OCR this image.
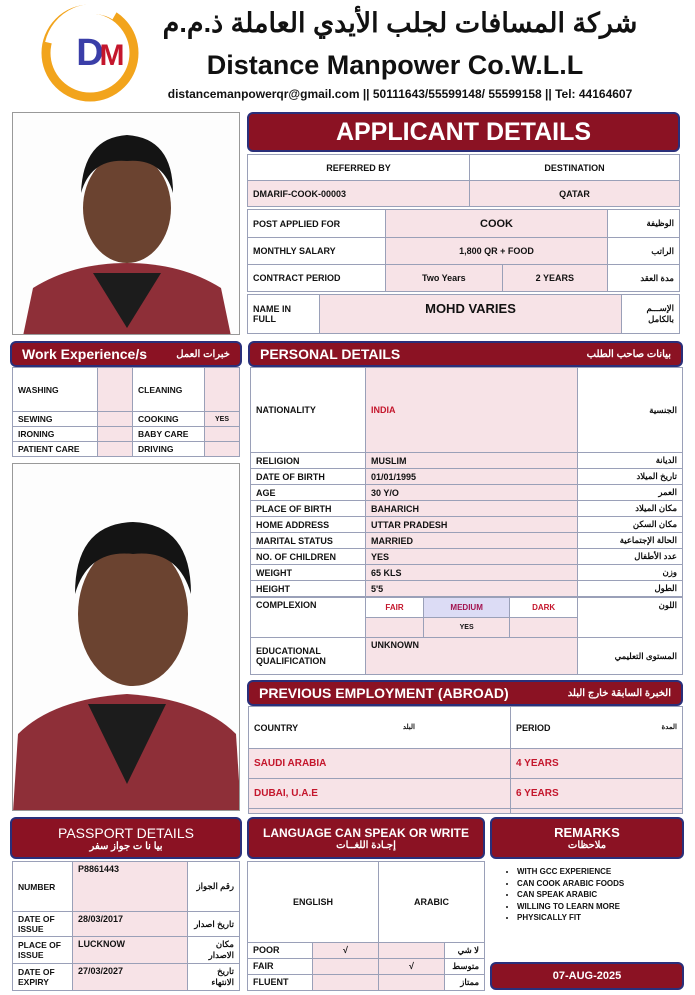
D
M
شركة المسافات لجلب الأيدي العاملة ذ.م.م
Distance Manpower Co.W.L.L
distancemanpowerqr@gmail.com || 50111643/55599148/ 55599158 || Tel: 44164607
APPLICANT DETAILS
REFERRED BY	DESTINATION
DMARIF-COOK-00003	QATAR
POST APPLIED FOR	COOK		الوظيفة
MONTHLY SALARY	1,800 QR + FOOD		الراتب
CONTRACT PERIOD	Two Years	2 YEARS	مدة العقد
NAME IN FULL	MOHD VARIES	الإســـم بالكامل
Work Experience/s	خبرات العمل
WASHING		CLEANING	
SEWING		COOKING	YES
IRONING		BABY CARE	
PATIENT CARE		DRIVING	
PERSONAL DETAILS	بيانات صاحب الطلب
NATIONALITY	INDIA	الجنسية
RELIGION	MUSLIM	الديانة
DATE OF BIRTH	01/01/1995	تاريخ الميلاد
AGE	30 Y/O	العمر
PLACE OF BIRTH	BAHARICH	مكان الميلاد
HOME ADDRESS	UTTAR PRADESH	مكان السكن
MARITAL STATUS	MARRIED	الحالة الإجتماعية
NO. OF CHILDREN	YES	عدد الأطفال
WEIGHT	65 KLS	وزن
HEIGHT	5'5	الطول
COMPLEXION	FAIR	MEDIUM	DARK	اللون
		YES		
EDUCATIONAL QUALIFICATION	UNKNOWN	المستوى التعليمي
PREVIOUS EMPLOYMENT (ABROAD)	الخبرة السابقة خارج البلد
COUNTRY البلد	PERIOD المدة

SAUDI ARABIA	4 YEARS
DUBAI, U.A.E	6 YEARS

PASSPORT DETAILS
بيا نا ت جواز سفر
NUMBER	P8861443	رقم الجواز
DATE OF ISSUE	28/03/2017	تاريخ اصدار
PLACE OF ISSUE	LUCKNOW	مكان الاصدار
DATE OF EXPIRY	27/03/2027	تاريخ الانتهاء
LANGUAGE CAN SPEAK OR WRITE
إجـادة اللغــات
ENGLISH		ARABIC	
POOR	√		لا شي
FAIR		√	متوسط
FLUENT			ممتاز
REMARKS
ملاحظات
• WITH GCC EXPERIENCE
• CAN COOK ARABIC FOODS
• CAN SPEAK ARABIC
• WILLING TO LEARN MORE
• PHYSICALLY FIT
07-AUG-2025
